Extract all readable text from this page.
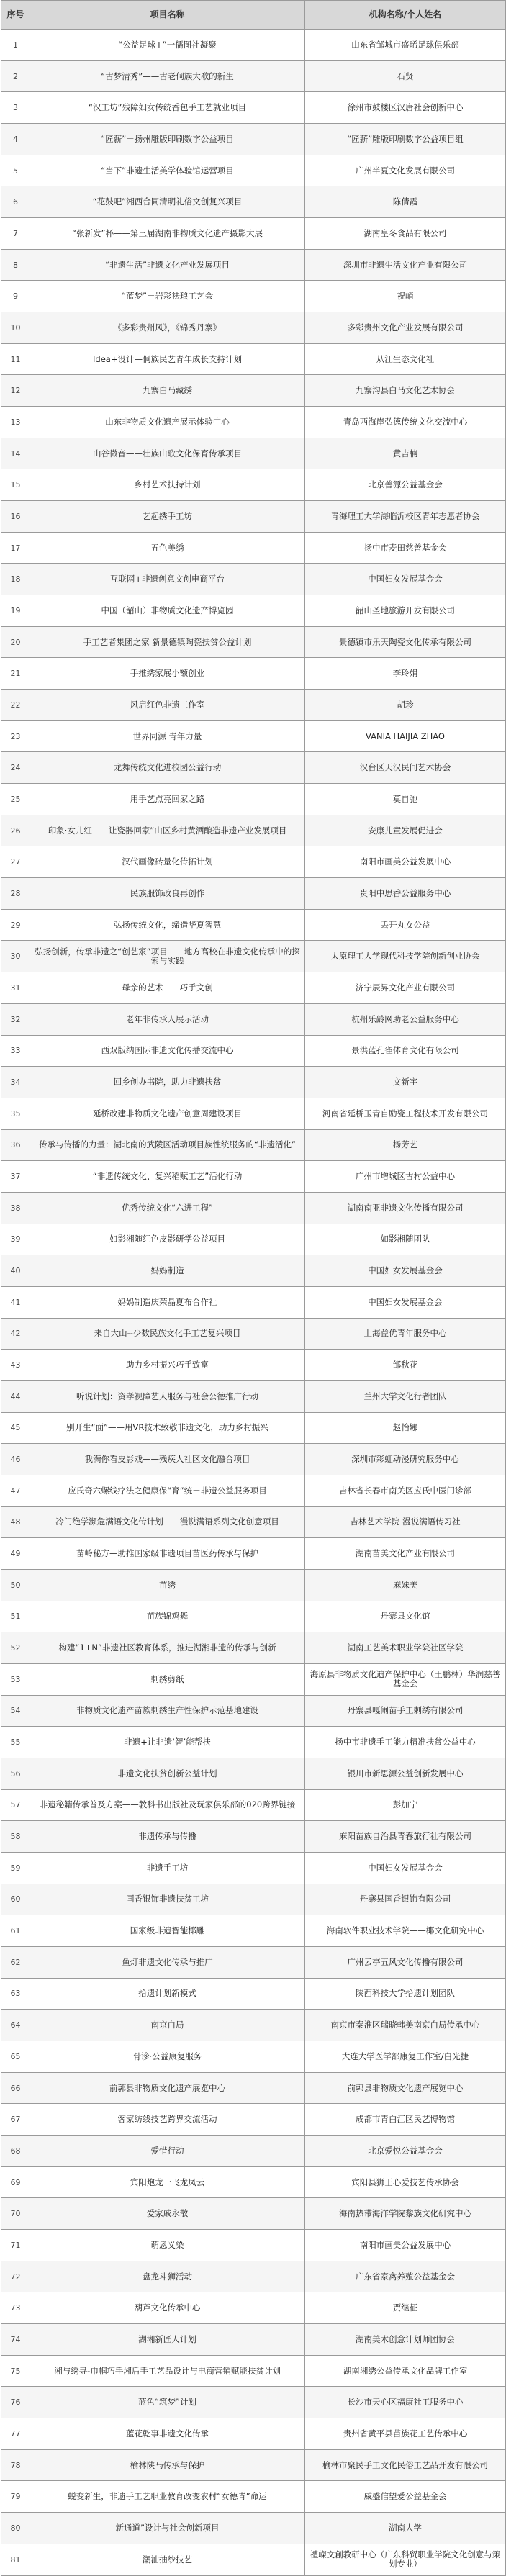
序号	项目名称	机构名称/个人姓名
1	“公益足球+”一儒图社凝聚	山东省邹城市盛晞足球俱乐部
2	“古梦清秀”——古老侗族大歌的新生	石贤
3	“汉工坊”残障妇女传统香包手工艺就业项目	徐州市鼓楼区汉唐社会创新中心
4	“匠薪”－扬州雕版印刷数字公益项目	“匠薪”雕版印刷数字公益项目组
5	“当下”非遗生活美学体验馆运营项目	广州半夏文化发展有限公司
6	“花鼓吧”湘西合同清明礼俗文创复兴项目	陈倩霞
7	“张新发”杯——第三届湖南非物质文化遗产摄影大展	湖南皇冬食品有限公司
8	“非遗生活”非遗文化产业发展项目	深圳市非遗生活文化产业有限公司
9	“蓝梦”－岩彩祛琅工艺会	祝峭
10	《多彩贵州风》，《锦秀丹寨》	多彩贵州文化产业发展有限公司
11	Idea+设计—侗族民艺青年成长支持计划	从江生态文化社
12	九寨白马藏绣	九寨沟县白马文化艺术协会
13	山东非物质文化遗产展示体验中心	青岛西海岸弘德传统文化交流中心
14	山谷微音——壮族山歌文化保育传承项目	黄吉楠
15	乡村艺术扶持计划	北京善源公益基金会
16	艺起绣手工坊	青海理工大学海临沂校区青年志愿者协会
17	五色美绣	扬中市麦田慈善基金会
18	互联网+非遗创意文创电商平台	中国妇女发展基金会
19	中国（韶山）非物质文化遗产博览园	韶山圣地旅游开发有限公司
20	手工艺者集团之家 新景德镇陶瓷扶贫公益计划	景德镇市乐天陶瓷文化传承有限公司
21	手推绣家展小额创业	李玲娟
22	风启红色非遗工作室	胡珍
23	世界同源 青年力量	VANIA HAIJIA ZHAO
24	龙舞传统文化进校园公益行动	汉台区天汉民间艺术协会
25	用手艺点亮回家之路	莫自弛
26	印象·女儿红——让瓷器回家”山区乡村黄酒酿造非遗产业发展项目	安康儿童发展促进会
27	汉代画像砖量化传拓计划	南阳市画美公益发展中心
28	民族服饰改良再创作	贵阳中思香公益服务中心
29	弘扬传统文化，缔造华夏智慧	丢开丸女公益
30	弘扬创新，传承非遗之“创艺家”项目——地方高校在非遗文化传承中的探索与实践	太原理工大学现代科技学院创新创业协会
31	母亲的艺术——巧手文创	济宁辰昇文化产业有限公司
32	老年非传承人展示活动	杭州乐龄网助老公益服务中心
33	西双版纳国际非遗文化传播交流中心	景洪蓝孔雀体育文化有限公司
34	回乡创办书院，助力非遗扶贫	文新宇
35	延桥改建非物质文化遗产创意周建设项目	河南省延桥玉青自励瓷工程技术开发有限公司
36	传承与传播的力量：湖北南的武陵区活动项目族性统服务的“非遗活化”	杨芳艺
37	“非遗传统文化、复兴稻赋工艺”活化行动	广州市增城区古村公益中心
38	优秀传统文化“六进工程”	湖南南亚非遗文化传播有限公司
39	如影湘随红色皮影研学公益项目	如影湘随团队
40	妈妈制造	中国妇女发展基金会
41	妈妈制造庆荣晶夏布合作社	中国妇女发展基金会
42	来自大山--少数民族文化手工艺复兴项目	上海益优青年服务中心
43	助力乡村振兴巧手致富	邹秋花
44	听说计划：资孝视障艺人服务与社会公德推广行动	兰州大学文化行者团队
45	别开生“面”——用VR技术致敬非遗文化，助力乡村振兴	赵怡娜
46	我满你看皮影戏——残疾人社区文化融合项目	深圳市彩虹动漫研究服务中心
47	应氏奇六螺线疗法之健康保“育”统－非遗公益服务项目	吉林省长春市南关区应氏中医门诊部
48	冷门绝学濒危满语文化传计划——漫说满语系列文化创意项目	吉林艺术学院 漫说满语传习社
49	苗岭秘方—助推国家级非遗项目苗医药传承与保护	湖南苗美文化产业有限公司
50	苗绣	麻妹美
51	苗族锦鸡舞	丹寨县文化馆
52	构建“1+N”非遗社区教育体系，推进湖湘非遗的传承与创新	湖南工艺美术职业学院社区学院
53	刺绣剪纸	海原县非物质文化遗产保护中心（王鹏林）华润慈善基金会
54	非物质文化遗产苗族刺绣生产性保护示范基地建设	丹寨县嘎闹苗手工刺绣有限公司
55	非遗+让非遗‘智’能帮扶	扬中市非遗手工能力精准扶贫公益中心
56	非遗文化扶贫创新公益计划	银川市新思源公益创新发展中心
57	非遗秘籍传承普及方案——教科书出版社及玩家俱乐部的020跨界链接	彭加宁
58	非遗传承与传播	麻阳苗族自治县青春旅行社有限公司
59	非遗手工坊	中国妇女发展基金会
60	国香银饰非遗扶贫工坊	丹寨县国香银饰有限公司
61	国家级非遗智能椰雕	海南软件职业技术学院——椰文化研究中心
62	鱼灯非遗文化传承与推广	广州云亭五风文化传播有限公司
63	拾遗计划新模式	陕西科技大学拾遗计划团队
64	南京白局	南京市秦淮区瑞晓韩美南京白局传承中心
65	骨诊·公益康复服务	大连大学医学部康复工作室/白光捷
66	前郭县非物质文化遗产展览中心	前郭县非物质文化遗产展览中心
67	客家纺线技艺跨界交流活动	成都市青白江区民艺博物馆
68	爱惜行动	北京爱悦公益基金会
69	宾阳炮龙一飞龙凤云	宾阳县狮王心爱技艺传承协会
70	爱家戚永散	海南热带海洋学院黎族文化研究中心
71	萌恩义染	南阳市画美公益发展中心
72	盘龙斗狮活动	广东省家禽养殖公益基金会
73	葫芦文化传承中心	贾继征
74	湖湘新匠人计划	湖南美术创意计划师团协会
75	湘与绣寻-巾帼巧手湘后手工艺品设计与电商营销赋能扶贫计划	湖南湘绣公益传承文化品牌工作室
76	蓝色“筑梦”计划	长沙市天心区福康社工服务中心
77	蓝花乾事非遗文化传承	贵州省黄平县苗族花工艺传承中心
78	榆林陕马传承与保护	榆林市聚民手工文化民俗工艺品开发有限公司
79	蜕变新生，非遗手工艺职业教育改变农村“女德青”命运	威盛信望爱公益基金会
80	新通道”设计与社会创新项目	湖南大学
81	潮汕抽纱技艺	禮嶸文創教研中心（广东科贸职业学院文化创意与策划专业）
